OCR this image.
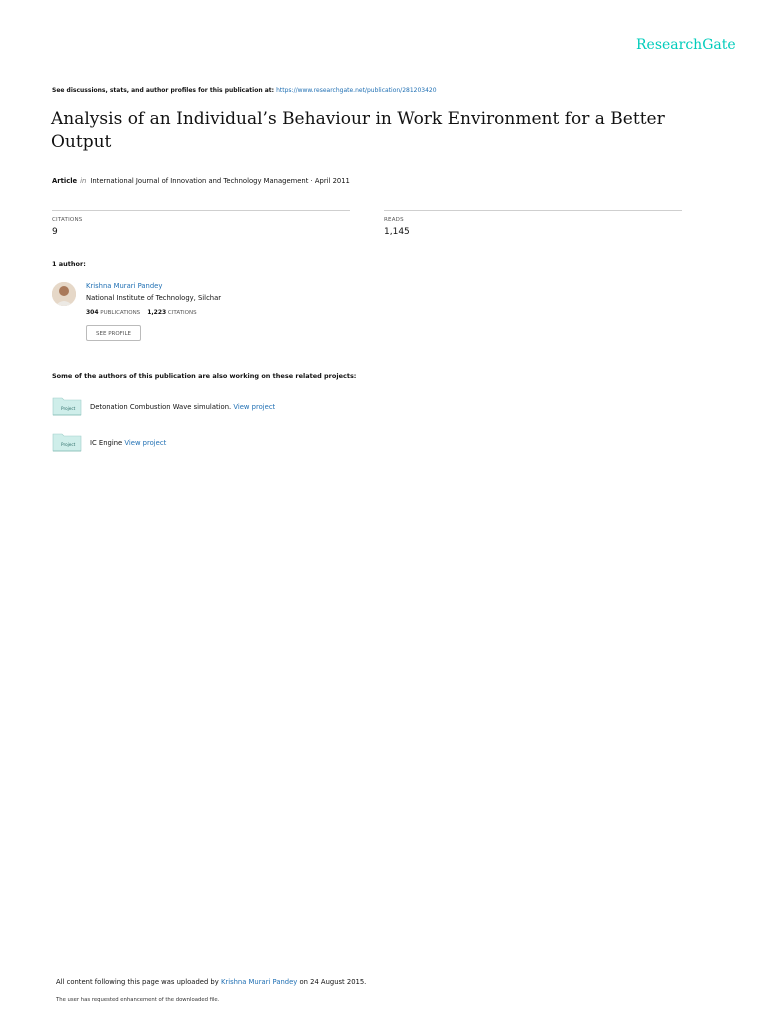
ResearchGate
See discussions, stats, and author profiles for this publication at: https://www.researchgate.net/publication/281203420
Analysis of an Individual’s Behaviour in Work Environment for a Better Output
Article in International Journal of Innovation and Technology Management · April 2011
CITATIONS
9
READS
1,145
1 author:
Krishna Murari Pandey
National Institute of Technology, Silchar
304 PUBLICATIONS 1,223 CITATIONS
SEE PROFILE
Some of the authors of this publication are also working on these related projects:
Project Detonation Combustion Wave simulation. View project
Project IC Engine View project
All content following this page was uploaded by Krishna Murari Pandey on 24 August 2015.
The user has requested enhancement of the downloaded file.
